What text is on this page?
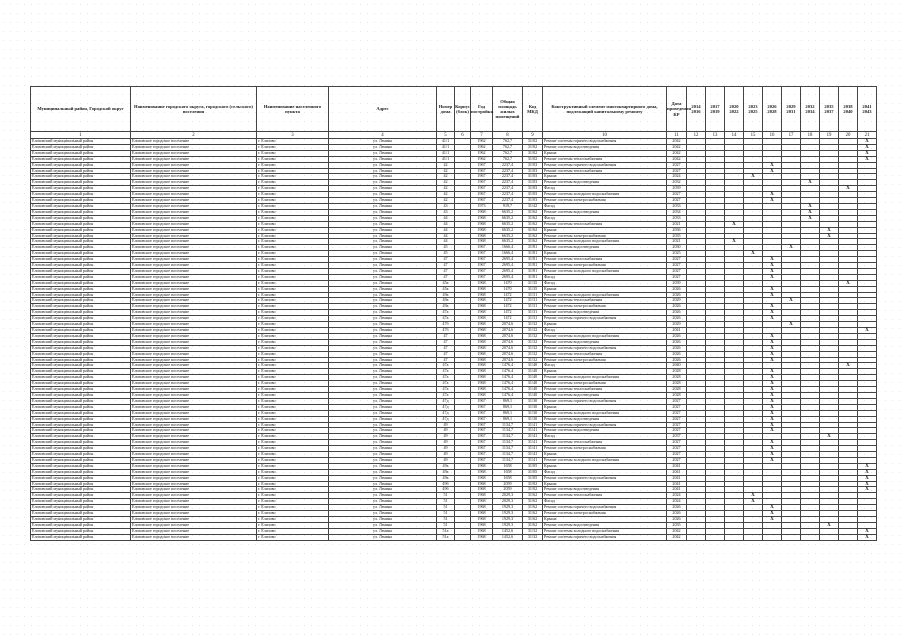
Муниципальный район, Городской округ	Наименование городского округа, городского (сельского) поселения	Наименование населенного пункта	Адрес	Номер дома	Корпус (блок)	Год постройки	Общая площадь жилых помещений	Код МКД	Конструктивный элемент многоквартирного дома, подлежащий капитальному ремонту	Дата проведения КР	2014 2016	2017 2019	2020 2022	2023 2025	2026 2028	2029 2031	2032 2034	2035 2037	2038 2040	2041 2043
1	2	3	4	5	6	7	8	9	10	11	12	13	14	15	16	17	18	19	20	21
Елизовский муниципальный район	Елизовское городское поселение	г. Елизово	ул. Ленина	41/1		1962	762,7	31/02	Ремонт системы горячего водоснабжения	2042										X
Елизовский муниципальный район	Елизовское городское поселение	г. Елизово	ул. Ленина	41/1		1962	762,7	31/02	Ремонт системы водоотведения	2042										X
Елизовский муниципальный район	Елизовское городское поселение	г. Елизово	ул. Ленина	41/1		1962	762,7	31/02	Крыша	2042										X
Елизовский муниципальный район	Елизовское городское поселение	г. Елизово	ул. Ленина	41/1		1962	762,7	31/02	Ремонт системы теплоснабжения	2042										X
Елизовский муниципальный район	Елизовское городское поселение	г. Елизово	ул. Ленина	42		1967	2237,4	31/03	Ремонт системы горячего водоснабжения	2027					X					
Елизовский муниципальный район	Елизовское городское поселение	г. Елизово	ул. Ленина	42		1967	2237,4	31/03	Ремонт системы теплоснабжения	2027					X					
Елизовский муниципальный район	Елизовское городское поселение	г. Елизово	ул. Ленина	42		1967	2237,4	31/03	Крыша	2024				X						
Елизовский муниципальный район	Елизовское городское поселение	г. Елизово	ул. Ленина	42		1967	2237,4	31/03	Ремонт системы водоотведения	2032							X			
Елизовский муниципальный район	Елизовское городское поселение	г. Елизово	ул. Ленина	42		1967	2237,4	31/03	Фасад	2039									X	
Елизовский муниципальный район	Елизовское городское поселение	г. Елизово	ул. Ленина	42		1967	2237,4	31/03	Ремонт системы холодного водоснабжения	2027					X					
Елизовский муниципальный район	Елизовское городское поселение	г. Елизово	ул. Ленина	42		1967	2237,4	31/03	Ремонт системы электроснабжения	2027					X					
Елизовский муниципальный район	Елизовское городское поселение	г. Елизово	ул. Ленина	43		1973	919,7	31/42	Фасад	2033							X			
Елизовский муниципальный район	Елизовское городское поселение	г. Елизово	ул. Ленина	43		1968	6635,2	31/62	Ремонт системы водоотведения	2034							X			
Елизовский муниципальный район	Елизовское городское поселение	г. Елизово	ул. Ленина	44		1968	6635,2	31/62	Фасад	2033							X			
Елизовский муниципальный район	Елизовское городское поселение	г. Елизово	ул. Ленина	44		1968	6635,2	31/62	Ремонт системы теплоснабжения	2021			X							
Елизовский муниципальный район	Елизовское городское поселение	г. Елизово	ул. Ленина	44		1968	6635,2	31/62	Крыша	2036								X		
Елизовский муниципальный район	Елизовское городское поселение	г. Елизово	ул. Ленина	44		1968	6635,2	31/62	Ремонт системы электроснабжения	2035								X		
Елизовский муниципальный район	Елизовское городское поселение	г. Елизово	ул. Ленина	44		1968	6635,2	31/62	Ремонт системы холодного водоснабжения	2021			X							
Елизовский муниципальный район	Елизовское городское поселение	г. Елизово	ул. Ленина	45		1967	1666,4	31/81	Ремонт системы водоотведения	2030						X				
Елизовский муниципальный район	Елизовское городское поселение	г. Елизово	ул. Ленина	45		1967	1666,4	31/81	Крыша	2025				X						
Елизовский муниципальный район	Елизовское городское поселение	г. Елизово	ул. Ленина	47		1967	2695,4	31/81	Ремонт системы теплоснабжения	2027					X					
Елизовский муниципальный район	Елизовское городское поселение	г. Елизово	ул. Ленина	47		1967	2695,4	31/81	Ремонт системы электроснабжения	2027					X					
Елизовский муниципальный район	Елизовское городское поселение	г. Елизово	ул. Ленина	47		1967	2695,4	31/81	Ремонт системы холодного водоснабжения	2027					X					
Елизовский муниципальный район	Елизовское городское поселение	г. Елизово	ул. Ленина	47		1967	2695,4	31/81	Фасад	2027					X					
Елизовский муниципальный район	Елизовское городское поселение	г. Елизово	ул. Ленина	45а		1968	1470	31/35	Фасад	2039									X	
Елизовский муниципальный район	Елизовское городское поселение	г. Елизово	ул. Ленина	45а		1968	1470	31/35	Крыша	2026					X					
Елизовский муниципальный район	Елизовское городское поселение	г. Елизово	ул. Ленина	49а		1968	1472	31/31	Ремонт системы холодного водоснабжения	2026					X					
Елизовский муниципальный район	Елизовское городское поселение	г. Елизово	ул. Ленина	49а		1968	1472	31/31	Ремонт системы теплоснабжения	2029						X				
Елизовский муниципальный район	Елизовское городское поселение	г. Елизово	ул. Ленина	49а		1968	1472	31/31	Ремонт системы электроснабжения	2026					X					
Елизовский муниципальный район	Елизовское городское поселение	г. Елизово	ул. Ленина	47а		1968	1472	31/31	Ремонт системы водоотведения	2026					X					
Елизовский муниципальный район	Елизовское городское поселение	г. Елизово	ул. Ленина	47а		1968	1472	31/31	Ремонт системы горячего водоснабжения	2026					X					
Елизовский муниципальный район	Елизовское городское поселение	г. Елизово	ул. Ленина	47б		1968	2074,6	31/32	Крыша	2029						X				
Елизовский муниципальный район	Елизовское городское поселение	г. Елизово	ул. Ленина	47б		1968	2074,6	31/32	Фасад	2041										X
Елизовский муниципальный район	Елизовское городское поселение	г. Елизово	ул. Ленина	47		1968	2074,6	31/32	Ремонт системы холодного водоснабжения	2026					X					
Елизовский муниципальный район	Елизовское городское поселение	г. Елизово	ул. Ленина	47		1968	2074,6	31/32	Ремонт системы водоотведения	2026					X					
Елизовский муниципальный район	Елизовское городское поселение	г. Елизово	ул. Ленина	47		1968	2074,6	31/32	Ремонт системы горячего водоснабжения	2026					X					
Елизовский муниципальный район	Елизовское городское поселение	г. Елизово	ул. Ленина	47		1968	2074,6	31/32	Ремонт системы теплоснабжения	2026					X					
Елизовский муниципальный район	Елизовское городское поселение	г. Елизово	ул. Ленина	47		1968	2074,6	31/32	Ремонт системы электроснабжения	2026					X					
Елизовский муниципальный район	Елизовское городское поселение	г. Елизово	ул. Ленина	47а		1968	1476,4	31/40	Фасад	2040									X	
Елизовский муниципальный район	Елизовское городское поселение	г. Елизово	ул. Ленина	47а		1968	1476,4	31/40	Крыша	2028					X					
Елизовский муниципальный район	Елизовское городское поселение	г. Елизово	ул. Ленина	47а		1968	1476,4	31/40	Ремонт системы холодного водоснабжения	2028					X					
Елизовский муниципальный район	Елизовское городское поселение	г. Елизово	ул. Ленина	47а		1968	1476,4	31/40	Ремонт системы электроснабжения	2028					X					
Елизовский муниципальный район	Елизовское городское поселение	г. Елизово	ул. Ленина	47а		1968	1476,4	31/40	Ремонт системы теплоснабжения	2028					X					
Елизовский муниципальный район	Елизовское городское поселение	г. Елизово	ул. Ленина	47а		1968	1476,4	31/40	Ремонт системы водоотведения	2028					X					
Елизовский муниципальный район	Елизовское городское поселение	г. Елизово	ул. Ленина	47д		1967	869,1	31/30	Ремонт системы горячего водоснабжения	2027					X					
Елизовский муниципальный район	Елизовское городское поселение	г. Елизово	ул. Ленина	47д		1967	869,1	31/30	Крыша	2027					X					
Елизовский муниципальный район	Елизовское городское поселение	г. Елизово	ул. Ленина	47д		1967	869,1	31/30	Ремонт системы холодного водоснабжения	2027					X					
Елизовский муниципальный район	Елизовское городское поселение	г. Елизово	ул. Ленина	47д		1967	869,1	31/30	Ремонт системы водоотведения	2027					X					
Елизовский муниципальный район	Елизовское городское поселение	г. Елизово	ул. Ленина	49		1967	1134,7	31/41	Ремонт системы горячего водоснабжения	2027					X					
Елизовский муниципальный район	Елизовское городское поселение	г. Елизово	ул. Ленина	49		1967	1134,7	31/41	Ремонт системы водоотведения	2027					X					
Елизовский муниципальный район	Елизовское городское поселение	г. Елизово	ул. Ленина	49		1967	1134,7	31/41	Фасад	2037								X		
Елизовский муниципальный район	Елизовское городское поселение	г. Елизово	ул. Ленина	49		1967	1134,7	31/41	Ремонт системы теплоснабжения	2027					X					
Елизовский муниципальный район	Елизовское городское поселение	г. Елизово	ул. Ленина	49		1967	1134,7	31/41	Ремонт системы электроснабжения	2027					X					
Елизовский муниципальный район	Елизовское городское поселение	г. Елизово	ул. Ленина	49		1967	1134,7	31/41	Крыша	2027					X					
Елизовский муниципальный район	Елизовское городское поселение	г. Елизово	ул. Ленина	49		1967	1134,7	31/41	Ремонт системы холодного водоснабжения	2027					X					
Елизовский муниципальный район	Елизовское городское поселение	г. Елизово	ул. Ленина	49а		1968	1658	31/05	Крыша	2041										X
Елизовский муниципальный район	Елизовское городское поселение	г. Елизово	ул. Ленина	49а		1968	1658	31/05	Фасад	2041										X
Елизовский муниципальный район	Елизовское городское поселение	г. Елизово	ул. Ленина	49а		1968	1658	31/05	Ремонт системы горячего водоснабжения	2041										X
Елизовский муниципальный район	Елизовское городское поселение	г. Елизово	ул. Ленина	49б		1968	2059	31/02	Крыша	2041										X
Елизовский муниципальный район	Елизовское городское поселение	г. Елизово	ул. Ленина	49б		1968	2059	31/02	Ремонт системы водоотведения	2041										X
Елизовский муниципальный район	Елизовское городское поселение	г. Елизово	ул. Ленина	51		1968	2029,3	31/62	Ремонт системы теплоснабжения	2024				X						
Елизовский муниципальный район	Елизовское городское поселение	г. Елизово	ул. Ленина	51		1968	2029,3	31/62	Фасад	2024				X						
Елизовский муниципальный район	Елизовское городское поселение	г. Елизово	ул. Ленина	51		1968	1929,3	31/62	Ремонт системы горячего водоснабжения	2026					X					
Елизовский муниципальный район	Елизовское городское поселение	г. Елизово	ул. Ленина	51		1968	1929,3	31/62	Ремонт системы электроснабжения	2026					X					
Елизовский муниципальный район	Елизовское городское поселение	г. Елизово	ул. Ленина	51		1968	1929,3	31/62	Крыша	2026					X					
Елизовский муниципальный район	Елизовское городское поселение	г. Елизово	ул. Ленина	51		1968	1929,3	31/62	Ремонт системы водоотведения	2035								X		
Елизовский муниципальный район	Елизовское городское поселение	г. Елизово	ул. Ленина	51а		1968	1452,6	31/32	Ремонт системы холодного водоснабжения	2042										X
Елизовский муниципальный район	Елизовское городское поселение	г. Елизово	ул. Ленина	51а		1968	1452,6	31/32	Ремонт системы горячего водоснабжения	2042										X
